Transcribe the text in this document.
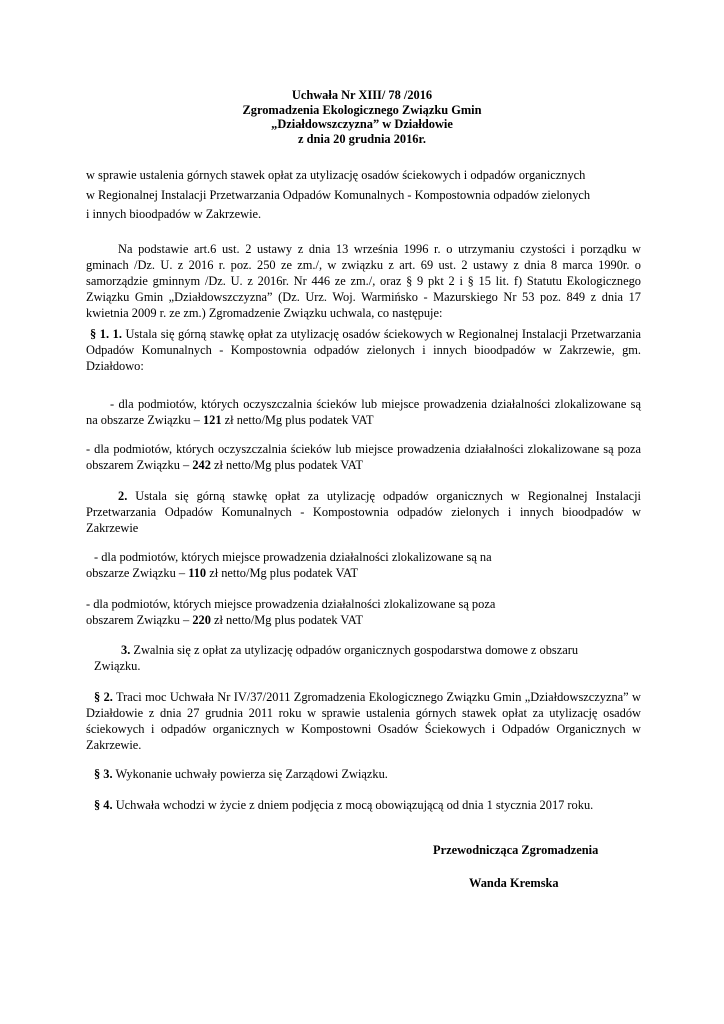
Uchwała Nr XIII/ 78 /2016
Zgromadzenia Ekologicznego Związku Gmin
„Działdowszczyzna” w Działdowie
z dnia 20 grudnia 2016r.
w sprawie ustalenia górnych stawek opłat za utylizację osadów ściekowych i odpadów organicznych
w Regionalnej Instalacji Przetwarzania Odpadów Komunalnych - Kompostownia odpadów zielonych
i innych bioodpadów w Zakrzewie.
Na podstawie art.6 ust. 2 ustawy z dnia 13 września 1996 r. o utrzymaniu czystości i porządku w gminach /Dz. U. z 2016 r. poz. 250 ze zm./, w związku z art. 69 ust. 2 ustawy z dnia 8 marca 1990r. o samorządzie gminnym /Dz. U. z 2016r. Nr 446 ze zm./, oraz § 9 pkt 2 i § 15 lit. f) Statutu Ekologicznego Związku Gmin „Działdowszczyzna” (Dz. Urz. Woj. Warmińsko - Mazurskiego Nr 53 poz. 849 z dnia 17 kwietnia 2009 r. ze zm.) Zgromadzenie Związku uchwala, co następuje:
§ 1. 1. Ustala się górną stawkę opłat za utylizację osadów ściekowych w Regionalnej Instalacji Przetwarzania Odpadów Komunalnych - Kompostownia odpadów zielonych i innych bioodpadów w Zakrzewie, gm. Działdowo:
- dla podmiotów, których oczyszczalnia ścieków lub miejsce prowadzenia działalności zlokalizowane są na obszarze Związku – 121 zł netto/Mg plus podatek VAT
- dla podmiotów, których oczyszczalnia ścieków lub miejsce prowadzenia działalności zlokalizowane są poza obszarem Związku – 242 zł netto/Mg plus podatek VAT
2. Ustala się górną stawkę opłat za utylizację odpadów organicznych w Regionalnej Instalacji Przetwarzania Odpadów Komunalnych - Kompostownia odpadów zielonych i innych bioodpadów w Zakrzewie
- dla podmiotów, których miejsce prowadzenia działalności zlokalizowane są na
obszarze Związku – 110 zł netto/Mg plus podatek VAT
- dla podmiotów, których miejsce prowadzenia działalności zlokalizowane są poza
obszarem Związku – 220 zł netto/Mg plus podatek VAT
3. Zwalnia się z opłat za utylizację odpadów organicznych gospodarstwa domowe z obszaru
Związku.
§ 2. Traci moc Uchwała Nr IV/37/2011 Zgromadzenia Ekologicznego Związku Gmin „Działdowszczyzna” w Działdowie z dnia 27 grudnia 2011 roku w sprawie ustalenia górnych stawek opłat za utylizację osadów ściekowych i odpadów organicznych w Kompostowni Osadów Ściekowych i Odpadów Organicznych w Zakrzewie.
§ 3. Wykonanie uchwały powierza się Zarządowi Związku.
§ 4. Uchwała wchodzi w życie z dniem podjęcia z mocą obowiązującą od dnia 1 stycznia 2017 roku.
Przewodnicząca Zgromadzenia
Wanda Kremska
